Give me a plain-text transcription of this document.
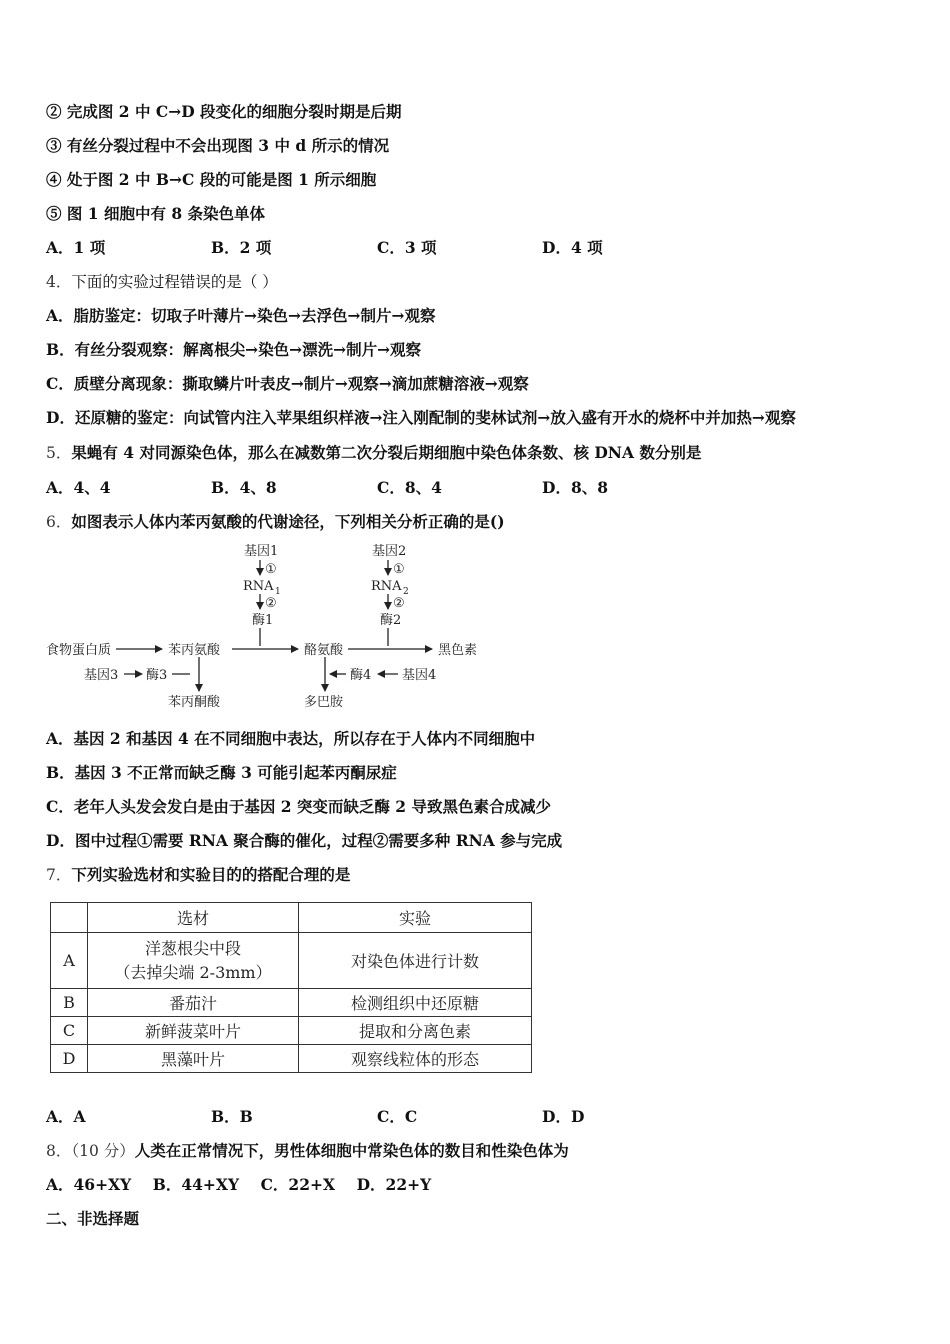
② 完成图 2 中 C→D 段变化的细胞分裂时期是后期
③ 有丝分裂过程中不会出现图 3 中 d 所示的情况
④ 处于图 2 中 B→C 段的可能是图 1 所示细胞
⑤ 图 1 细胞中有 8 条染色单体
A．1 项	B．2 项	C．3 项	D．4 项
4．下面的实验过程错误的是（ ）
A．脂肪鉴定：切取子叶薄片→染色→去浮色→制片→观察
B．有丝分裂观察：解离根尖→染色→漂洗→制片→观察
C．质壁分离现象：撕取鳞片叶表皮→制片→观察→滴加蔗糖溶液→观察
D．还原糖的鉴定：向试管内注入苹果组织样液→注入刚配制的斐林试剂→放入盛有开水的烧杯中并加热→观察
5．果蝇有 4 对同源染色体，那么在减数第二次分裂后期细胞中染色体条数、核 DNA 数分别是
A．4、4	B．4、8	C．8、4	D．8、8
6．如图表示人体内苯丙氨酸的代谢途径，下列相关分析正确的是()
基因1
①
RNA 1
②
酶1
基因2
①
RNA 2
②
酶2
食物蛋白质	苯丙氨酸	酪氨酸	黑色素
基因3 酶3
苯丙酮酸	多巴胺
酶4 基因4
A．基因 2 和基因 4 在不同细胞中表达，所以存在于人体内不同细胞中
B．基因 3 不正常而缺乏酶 3 可能引起苯丙酮尿症
C．老年人头发会发白是由于基因 2 突变而缺乏酶 2 导致黑色素合成减少
D．图中过程①需要 RNA 聚合酶的催化，过程②需要多种 RNA 参与完成
7．下列实验选材和实验目的的搭配合理的是
	选材	实验
A	洋葱根尖中段
（去掉尖端 2-3mm）	对染色体进行计数
B	番茄汁	检测组织中还原糖
C	新鲜菠菜叶片	提取和分离色素
D	黑藻叶片	观察线粒体的形态
A．A	B．B	C．C	D．D
8．（10 分）人类在正常情况下，男性体细胞中常染色体的数目和性染色体为
A．46+XY    B．44+XY    C．22+X    D．22+Y
二、非选择题
